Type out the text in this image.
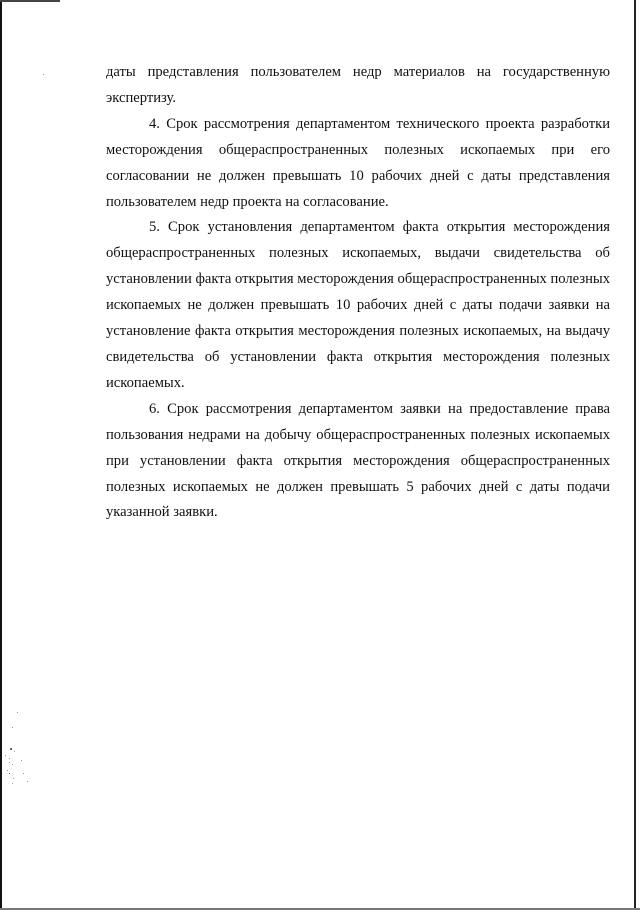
даты представления пользователем недр материалов на государственную экспертизу.

4. Срок рассмотрения департаментом технического проекта разработки месторождения общераспространенных полезных ископаемых при его согласовании не должен превышать 10 рабочих дней с даты представления пользователем недр проекта на согласование.

5. Срок установления департаментом факта открытия месторождения общераспространенных полезных ископаемых, выдачи свидетельства об установлении факта открытия месторождения общераспространенных полезных ископаемых не должен превышать 10 рабочих дней с даты подачи заявки на установление факта открытия месторождения полезных ископаемых, на выдачу свидетельства об установлении факта открытия месторождения полезных ископаемых.

6. Срок рассмотрения департаментом заявки на предоставление права пользования недрами на добычу общераспространенных полезных ископаемых при установлении факта открытия месторождения общераспространенных полезных ископаемых не должен превышать 5 рабочих дней с даты подачи указанной заявки.
